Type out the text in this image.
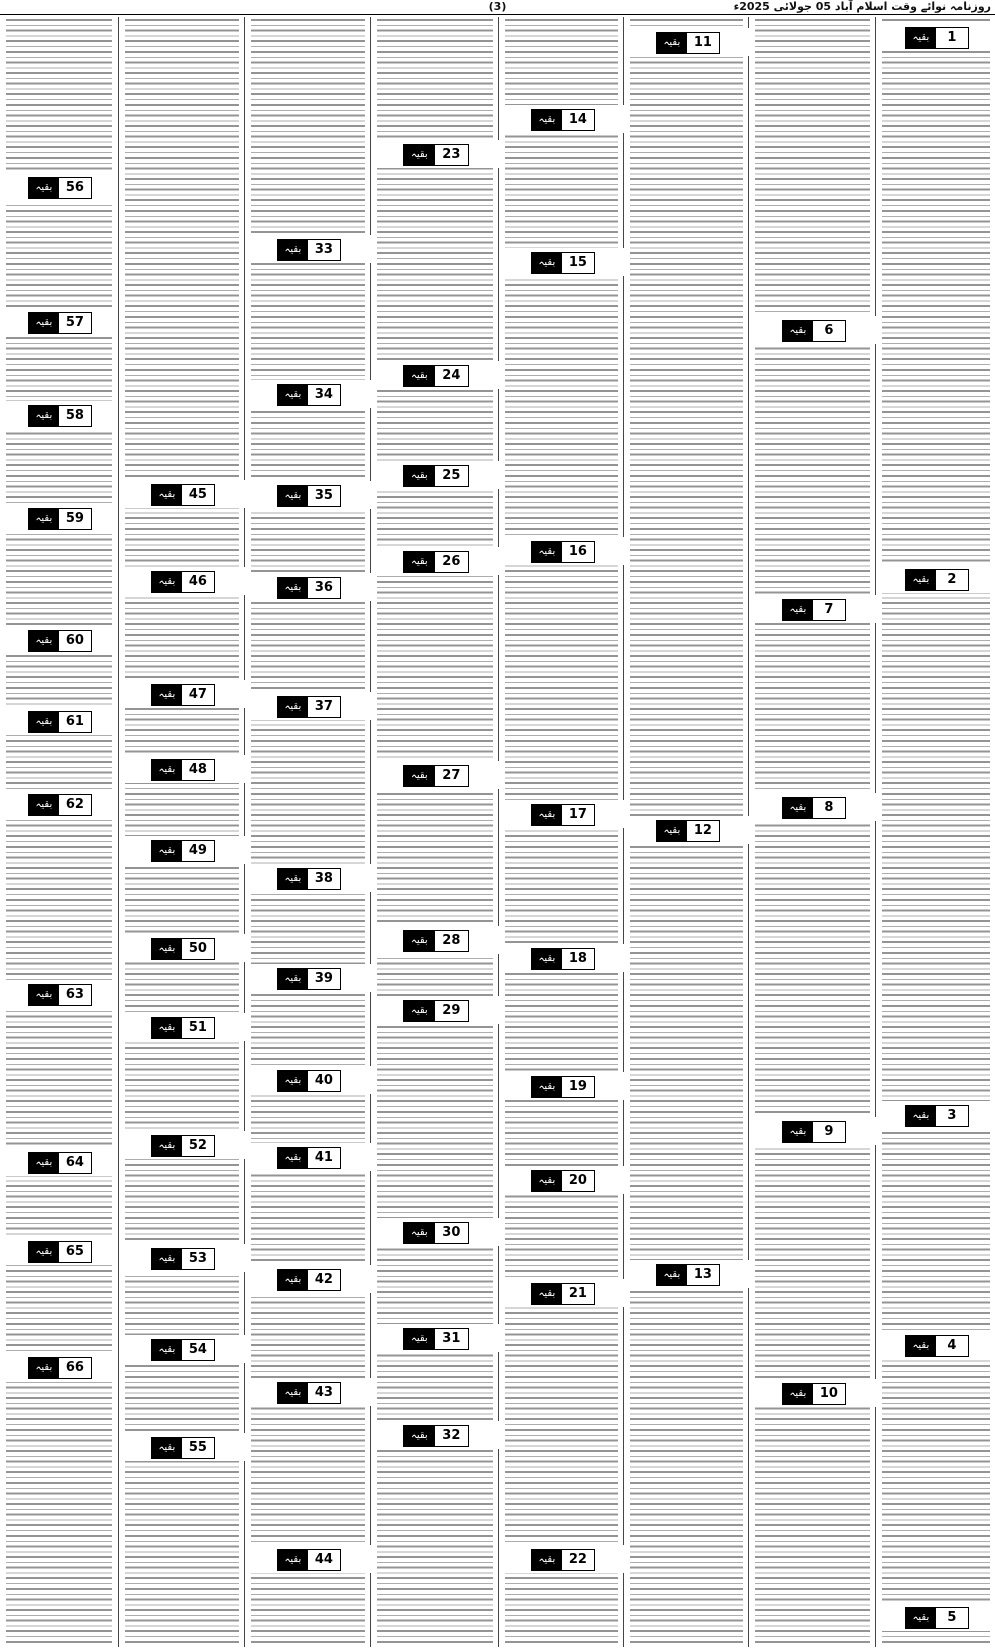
(3)	روزنامہ نوائے وقت اسلام آباد 05 جولائی 2025ء
بقیہ	1
بقیہ	2
بقیہ	3
بقیہ	4
بقیہ	5
بقیہ	6
بقیہ	7
بقیہ	8
بقیہ	9
بقیہ	10
بقیہ	11
بقیہ	12
بقیہ	13
بقیہ	14
بقیہ	15
بقیہ	16
بقیہ	17
بقیہ	18
بقیہ	19
بقیہ	20
بقیہ	21
بقیہ	22
بقیہ	23
بقیہ	24
بقیہ	25
بقیہ	26
بقیہ	27
بقیہ	28
بقیہ	29
بقیہ	30
بقیہ	31
بقیہ	32
بقیہ	33
بقیہ	34
بقیہ	35
بقیہ	36
بقیہ	37
بقیہ	38
بقیہ	39
بقیہ	40
بقیہ	41
بقیہ	42
بقیہ	43
بقیہ	44
بقیہ	45
بقیہ	46
بقیہ	47
بقیہ	48
بقیہ	49
بقیہ	50
بقیہ	51
بقیہ	52
بقیہ	53
بقیہ	54
بقیہ	55
بقیہ	56
بقیہ	57
بقیہ	58
بقیہ	59
بقیہ	60
بقیہ	61
بقیہ	62
بقیہ	63
بقیہ	64
بقیہ	65
بقیہ	66
